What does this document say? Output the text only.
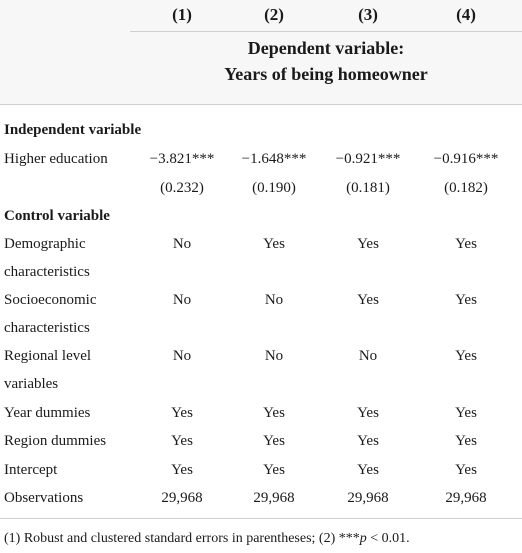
(1)	(2)	(3)	(4)
Dependent variable:
Years of being homeowner
Independent variable
Higher education	−3.821***	−1.648***	−0.921***	−0.916***
(0.232)	(0.190)	(0.181)	(0.182)
Control variable
Demographic
characteristics
No	Yes	Yes	Yes
Socioeconomic
characteristics
No	No	Yes	Yes
Regional level
variables
No	No	No	Yes
Year dummies	Yes	Yes	Yes	Yes
Region dummies	Yes	Yes	Yes	Yes
Intercept	Yes	Yes	Yes	Yes
Observations	29,968	29,968	29,968	29,968
(1) Robust and clustered standard errors in parentheses; (2) ***p < 0.01.
